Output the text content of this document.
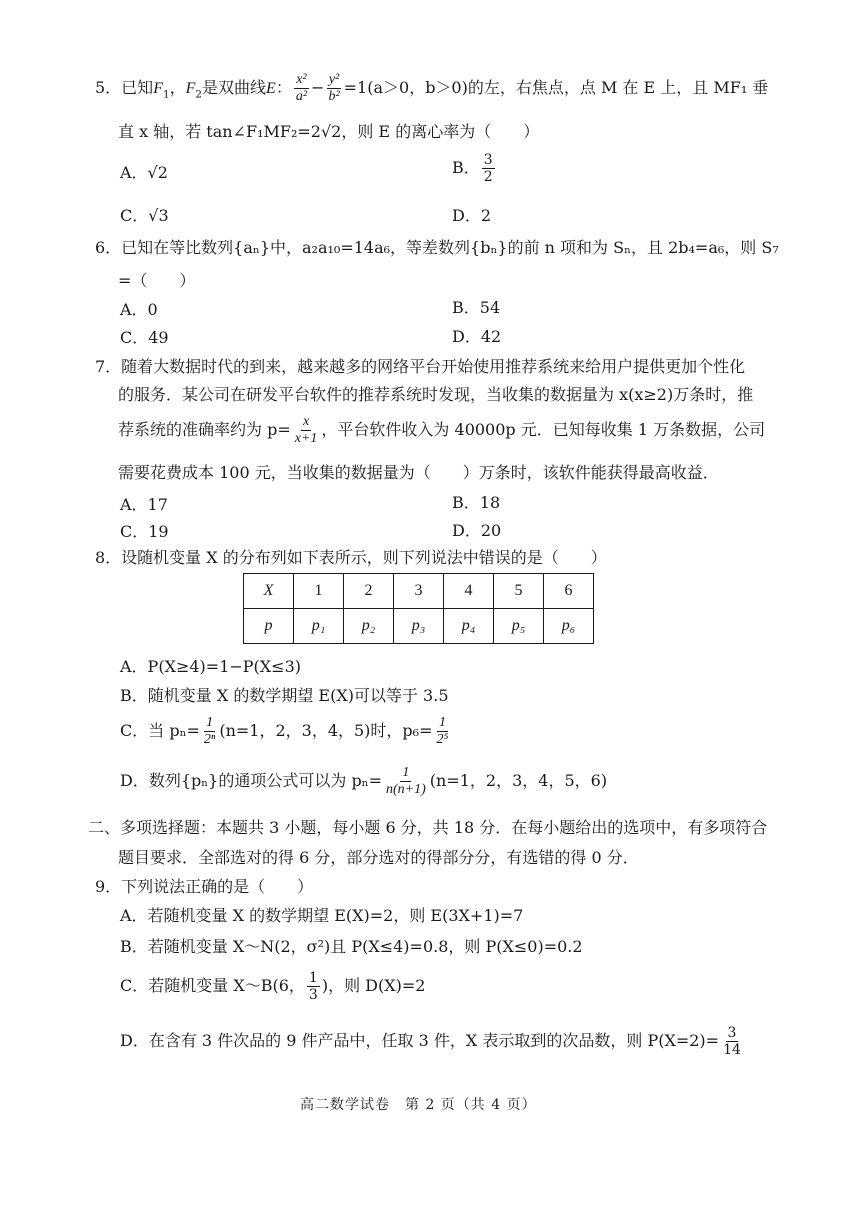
5．已知$F_1$，$F_2$是双曲线E： $\frac{\text{x²}}{\text{a²}} - \frac{\text{y²}}{\text{b²}} =1(a>0$，b＞0)的左，右焦点，点 M 在 E 上，且 MF₁ 垂
直 x 轴，若 tan∠F₁MF₂=2√2，则 E 的离心率为（　　）
A．√2	B． $\frac{3}{2}$
C．√3	D．2
6．已知在等比数列{aₙ}中，a₂a₁₀=14a₆，等差数列{bₙ}的前 n 项和为 Sₙ，且 2b₄=a₆，则 S₇
=（　　）
A．0	B．54
C．49	D．42
7．随着大数据时代的到来，越来越多的网络平台开始使用推荐系统来给用户提供更加个性化
的服务．某公司在研发平台软件的推荐系统时发现，当收集的数据量为 x(x≥2)万条时，推
荐系统的准确率约为 $p= \frac{x}{x+1}$ ，平台软件收入为 40000p 元．已知每收集 1 万条数据，公司
需要花费成本 100 元，当收集的数据量为（　　）万条时，该软件能获得最高收益．
A．17	B．18
C．19	D．20
8．设随机变量 X 的分布列如下表所示，则下列说法中错误的是（　　）
X	1	2	3	4	5	6
p	p₁	p₂	p₃	p₄	p₅	p₆
A．P(X≥4)=1−P(X≤3)
B．随机变量 X 的数学期望 E(X)可以等于 3.5
C．当 $p_n= \frac{1}{\text{2ⁿ}} (n=1$，2，3，4，5)时，$p_6= \frac{1}{\text{2⁵}}$
D．数列{pₙ}的通项公式可以为 $p_n= \frac{1}{n(n+1)} (n=1$，2，3，4，5，6)
二、多项选择题：本题共 3 小题，每小题 6 分，共 18 分．在每小题给出的选项中，有多项符合
题目要求．全部选对的得 6 分，部分选对的得部分分，有选错的得 0 分．
9．下列说法正确的是（　　）
A．若随机变量 X 的数学期望 E(X)=2，则 E(3X+1)=7
B．若随机变量 X～N(2，σ²)且 P(X≤4)=0.8，则 P(X≤0)=0.2
C．若随机变量 X～B(6， $\frac{1}{3}$ )，则 D(X)=2
D．在含有 3 件次品的 9 件产品中，任取 3 件，X 表示取到的次品数，则 $P(X=2)= \frac{3}{14}$
高二数学试卷　第 2 页（共 4 页）
